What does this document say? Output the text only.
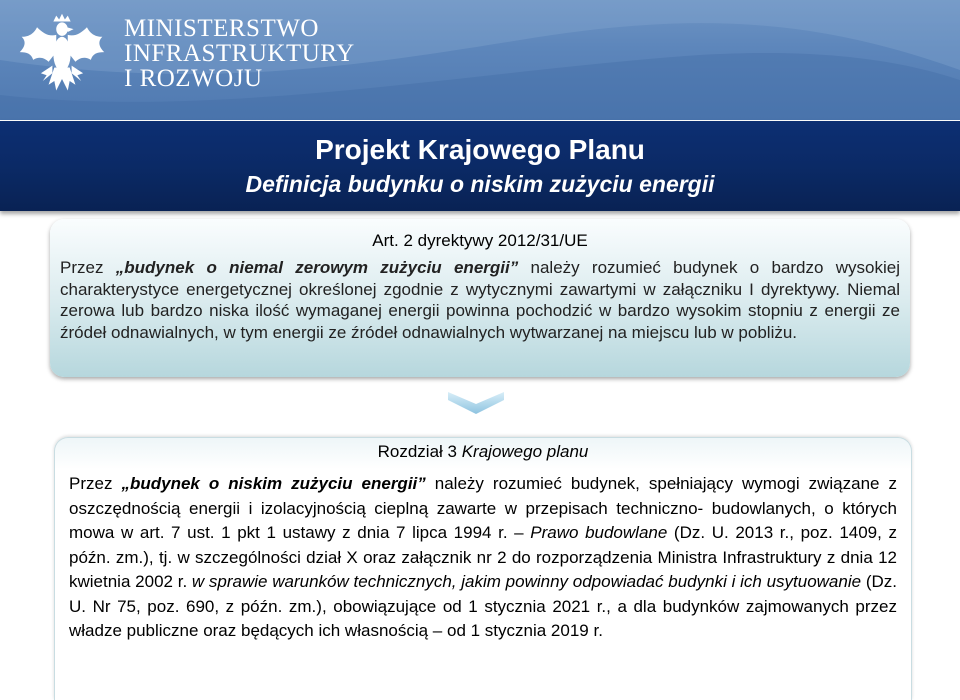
MINISTERSTWO
INFRASTRUKTURY
I ROZWOJU
Projekt Krajowego Planu
Definicja budynku o niskim zużyciu energii
Art. 2 dyrektywy 2012/31/UE
Przez „budynek o niemal zerowym zużyciu energii” należy rozumieć budynek o bardzo wysokiej charakterystyce energetycznej określonej zgodnie z wytycznymi zawartymi w załączniku I dyrektywy. Niemal zerowa lub bardzo niska ilość wymaganej energii powinna pochodzić w bardzo wysokim stopniu z energii ze źródeł odnawialnych, w tym energii ze źródeł odnawialnych wytwarzanej na miejscu lub w pobliżu.
Rozdział 3 Krajowego planu
Przez „budynek o niskim zużyciu energii” należy rozumieć budynek, spełniający wymogi związane z oszczędnością energii i izolacyjnością cieplną zawarte w przepisach techniczno- budowlanych, o których mowa w art. 7 ust. 1 pkt 1 ustawy z dnia 7 lipca 1994 r. – Prawo budowlane (Dz. U. 2013 r., poz. 1409, z późn. zm.), tj. w szczególności dział X oraz załącznik nr 2 do rozporządzenia Ministra Infrastruktury z dnia 12 kwietnia 2002 r. w sprawie warunków technicznych, jakim powinny odpowiadać budynki i ich usytuowanie (Dz. U. Nr 75, poz. 690, z późn. zm.), obowiązujące od 1 stycznia 2021 r., a dla budynków zajmowanych przez władze publiczne oraz będących ich własnością – od 1 stycznia 2019 r.
